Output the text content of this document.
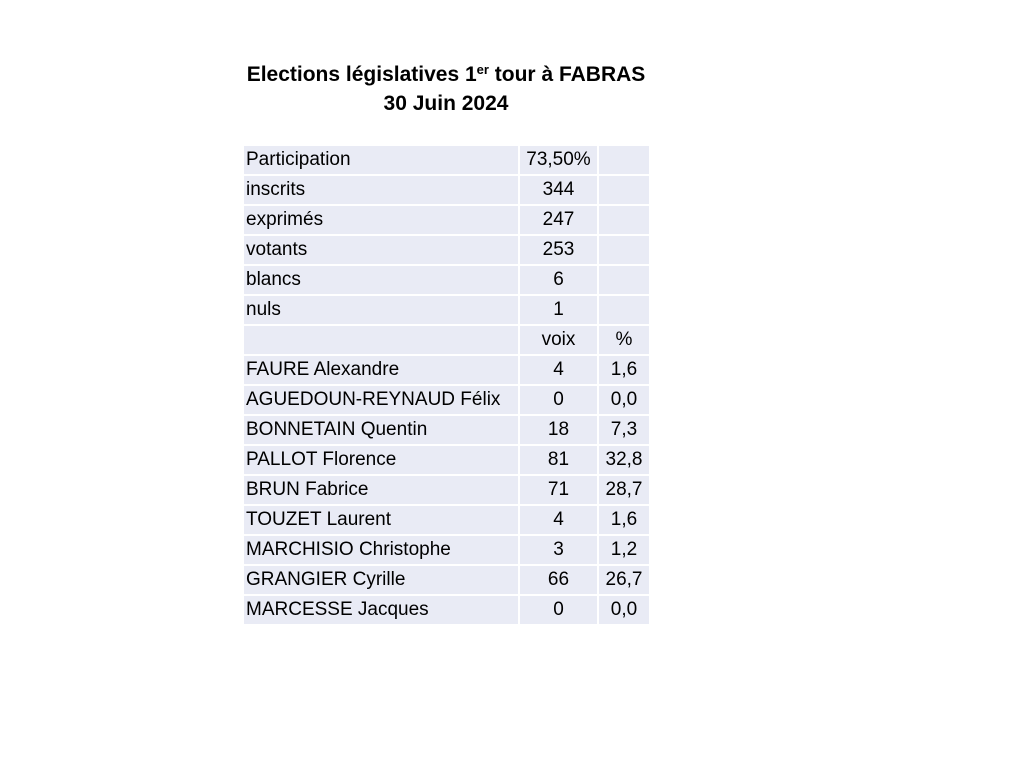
Elections législatives 1er tour à FABRAS
30 Juin 2024
Participation	73,50%	
inscrits	344	
exprimés	247	
votants	253	
blancs	6	
nuls	1	
	voix	%
FAURE Alexandre	4	1,6
AGUEDOUN-REYNAUD Félix	0	0,0
BONNETAIN Quentin	18	7,3
PALLOT Florence	81	32,8
BRUN Fabrice	71	28,7
TOUZET Laurent	4	1,6
MARCHISIO Christophe	3	1,2
GRANGIER Cyrille	66	26,7
MARCESSE Jacques	0	0,0
